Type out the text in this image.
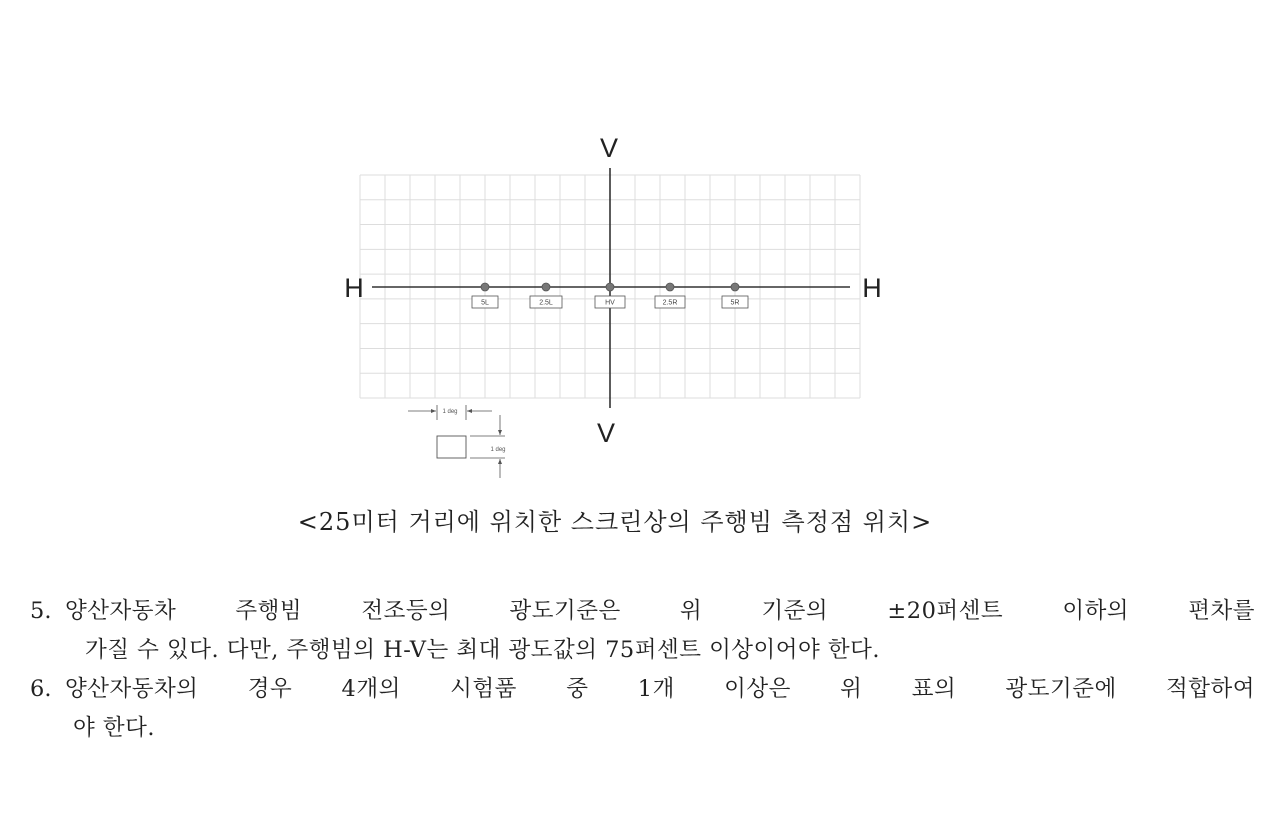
V
V
H	H
5L	2.5L	HV	2.5R	5R
1 deg
1 deg
<25미터 거리에 위치한 스크린상의 주행빔 측정점 위치>
5. 양산자동차 주행빔 전조등의 광도기준은 위 기준의 ±20퍼센트 이하의 편차를
가질 수 있다. 다만, 주행빔의 H-V는 최대 광도값의 75퍼센트 이상이어야 한다.
6. 양산자동차의 경우 4개의 시험품 중 1개 이상은 위 표의 광도기준에 적합하여
야 한다.
